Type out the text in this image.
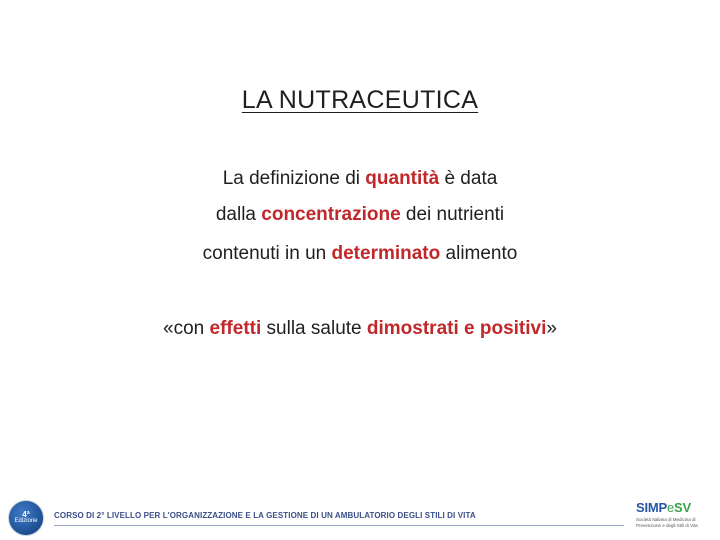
LA NUTRACEUTICA
La definizione di quantità è data
dalla concentrazione dei nutrienti
contenuti in un determinato alimento
«con effetti sulla salute dimostrati e positivi»
4ª
Edizione
CORSO DI 2° LIVELLO PER L'ORGANIZZAZIONE E LA GESTIONE DI UN AMBULATORIO DEGLI STILI DI VITA
SIMPeSV
Società Italiana di Medicina di Prevenzione e degli Stili di Vita
